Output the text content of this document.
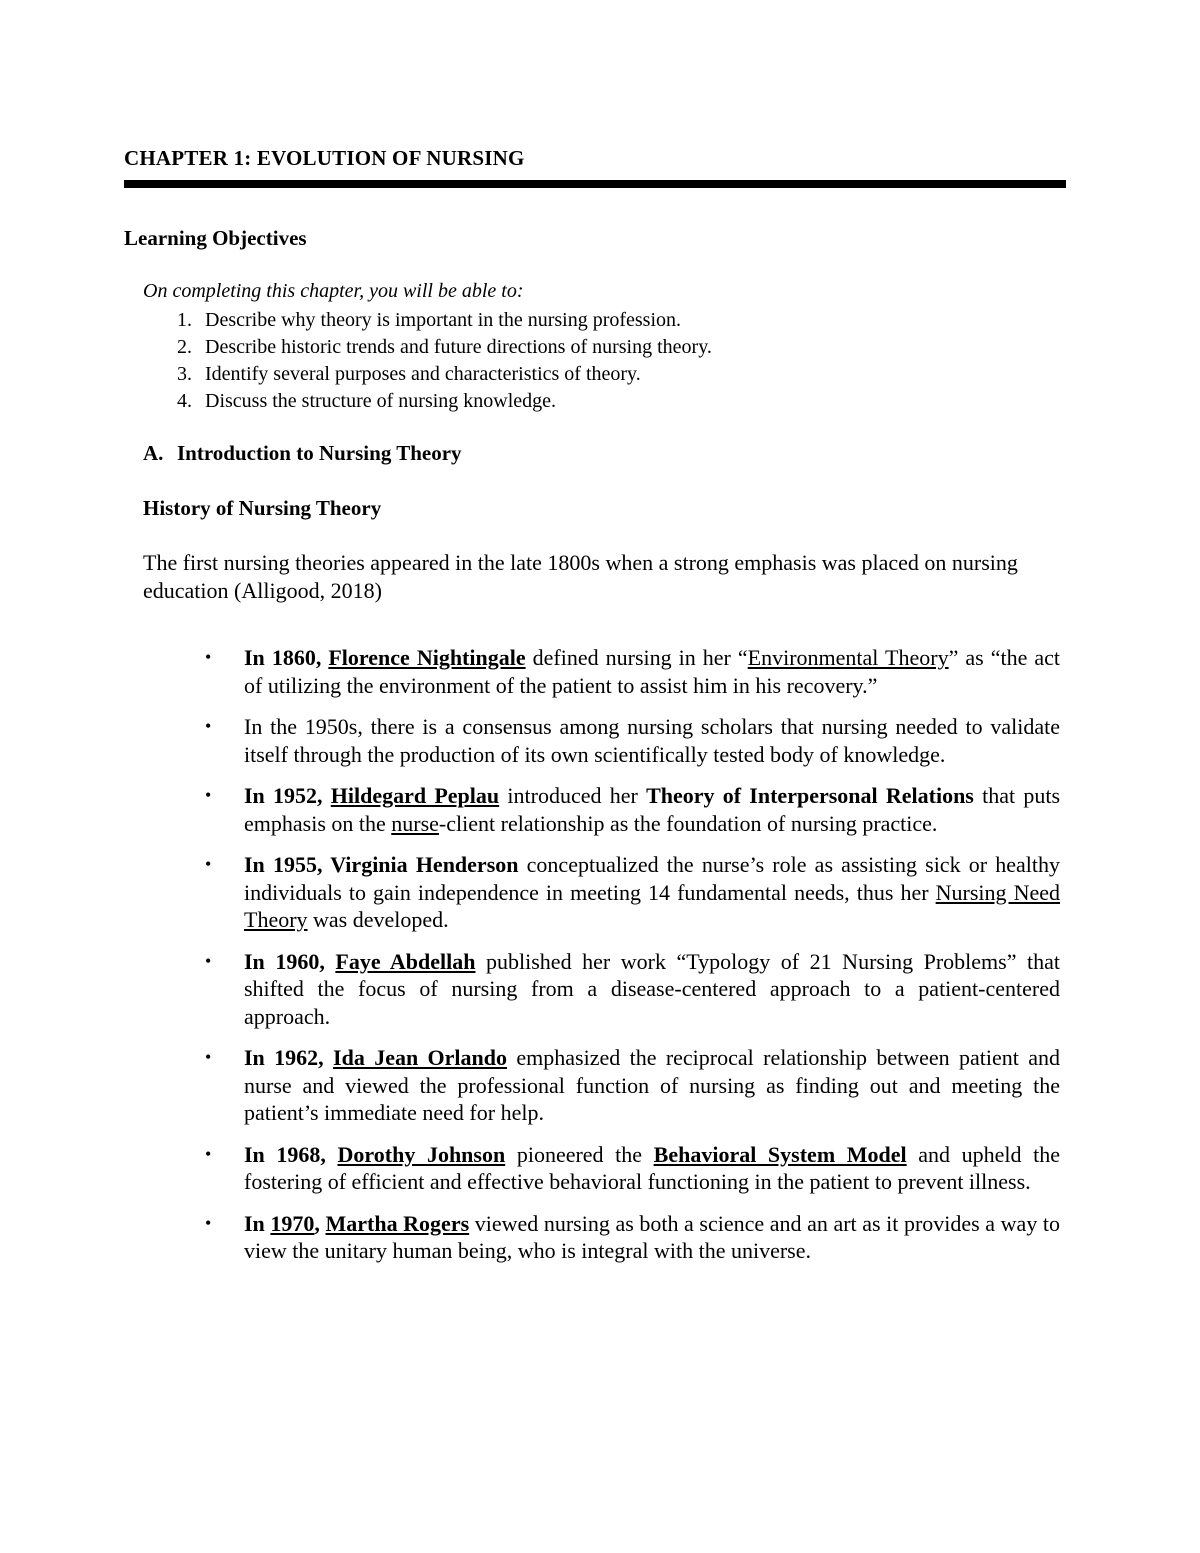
CHAPTER 1: EVOLUTION OF NURSING
Learning Objectives
On completing this chapter, you will be able to:
1. Describe why theory is important in the nursing profession.
2. Describe historic trends and future directions of nursing theory.
3. Identify several purposes and characteristics of theory.
4. Discuss the structure of nursing knowledge.
A. Introduction to Nursing Theory
History of Nursing Theory
The first nursing theories appeared in the late 1800s when a strong emphasis was placed on nursing education (Alligood, 2018)
• In 1860, Florence Nightingale defined nursing in her “Environmental Theory” as “the act of utilizing the environment of the patient to assist him in his recovery.”
• In the 1950s, there is a consensus among nursing scholars that nursing needed to validate itself through the production of its own scientifically tested body of knowledge.
• In 1952, Hildegard Peplau introduced her Theory of Interpersonal Relations that puts emphasis on the nurse-client relationship as the foundation of nursing practice.
• In 1955, Virginia Henderson conceptualized the nurse’s role as assisting sick or healthy individuals to gain independence in meeting 14 fundamental needs, thus her Nursing Need Theory was developed.
• In 1960, Faye Abdellah published her work “Typology of 21 Nursing Problems” that shifted the focus of nursing from a disease-centered approach to a patient-centered approach.
• In 1962, Ida Jean Orlando emphasized the reciprocal relationship between patient and nurse and viewed the professional function of nursing as finding out and meeting the patient’s immediate need for help.
• In 1968, Dorothy Johnson pioneered the Behavioral System Model and upheld the fostering of efficient and effective behavioral functioning in the patient to prevent illness.
• In 1970, Martha Rogers viewed nursing as both a science and an art as it provides a way to view the unitary human being, who is integral with the universe.
